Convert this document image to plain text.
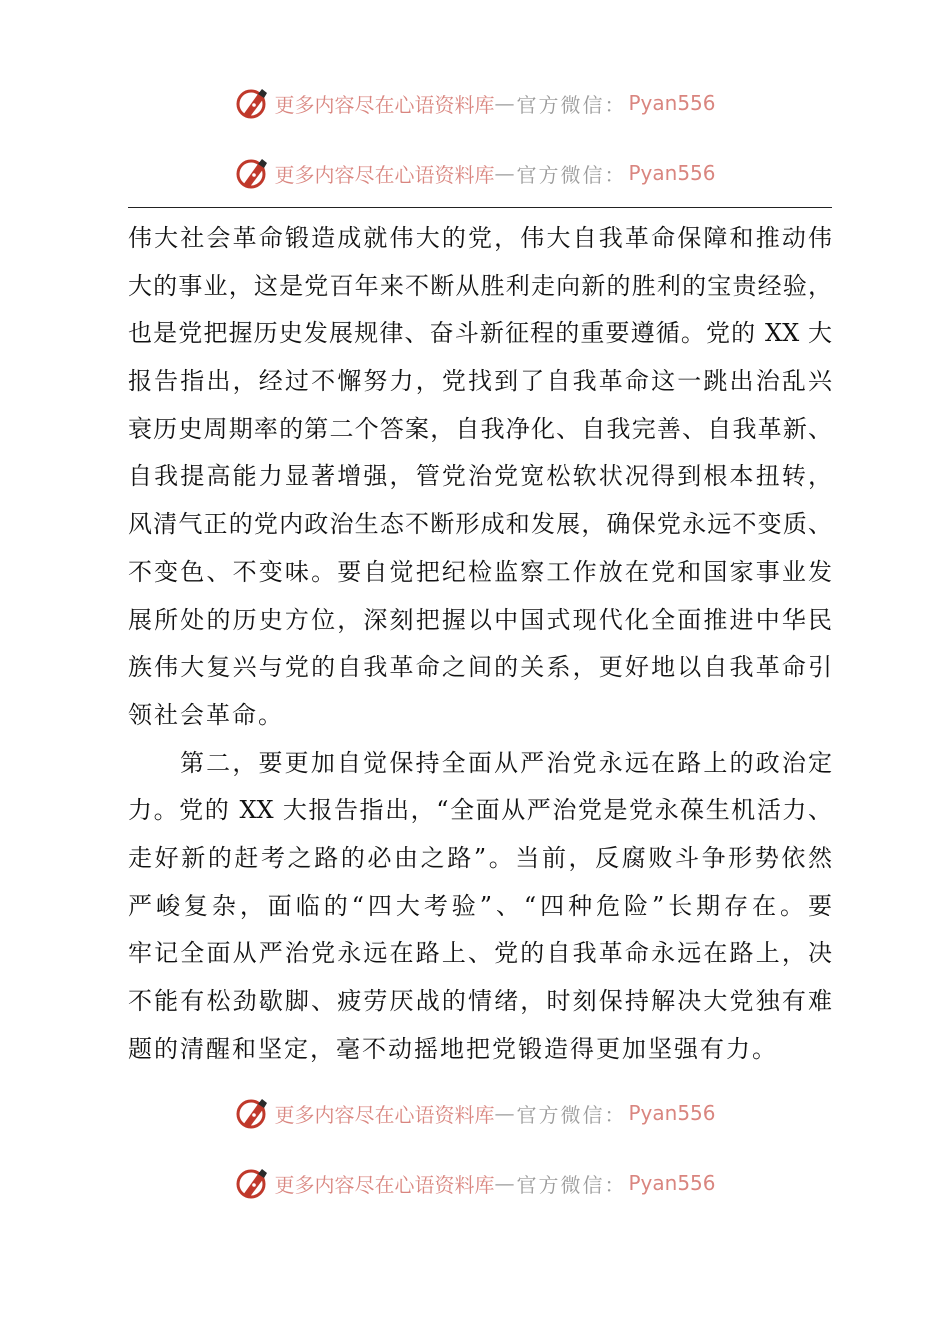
更多内容尽在心语资料库 — 官方微信： Pyan556
更多内容尽在心语资料库 — 官方微信： Pyan556
伟大社会革命锻造成就伟大的党，伟大自我革命保障和推动伟
大的事业，这是党百年来不断从胜利走向新的胜利的宝贵经验，
也是党把握历史发展规律、奋斗新征程的重要遵循。党的 XX 大
报告指出，经过不懈努力，党找到了自我革命这一跳出治乱兴
衰历史周期率的第二个答案，自我净化、自我完善、自我革新、
自我提高能力显著增强，管党治党宽松软状况得到根本扭转，
风清气正的党内政治生态不断形成和发展，确保党永远不变质、
不变色、不变味。要自觉把纪检监察工作放在党和国家事业发
展所处的历史方位，深刻把握以中国式现代化全面推进中华民
族伟大复兴与党的自我革命之间的关系，更好地以自我革命引
领社会革命。
第二，要更加自觉保持全面从严治党永远在路上的政治定
力。党的 XX 大报告指出，“全面从严治党是党永葆生机活力、
走好新的赶考之路的必由之路”。当前，反腐败斗争形势依然
严峻复杂，面临的“四大考验”、“四种危险”长期存在。要
牢记全面从严治党永远在路上、党的自我革命永远在路上，决
不能有松劲歇脚、疲劳厌战的情绪，时刻保持解决大党独有难
题的清醒和坚定，毫不动摇地把党锻造得更加坚强有力。
更多内容尽在心语资料库 — 官方微信： Pyan556
更多内容尽在心语资料库 — 官方微信： Pyan556
